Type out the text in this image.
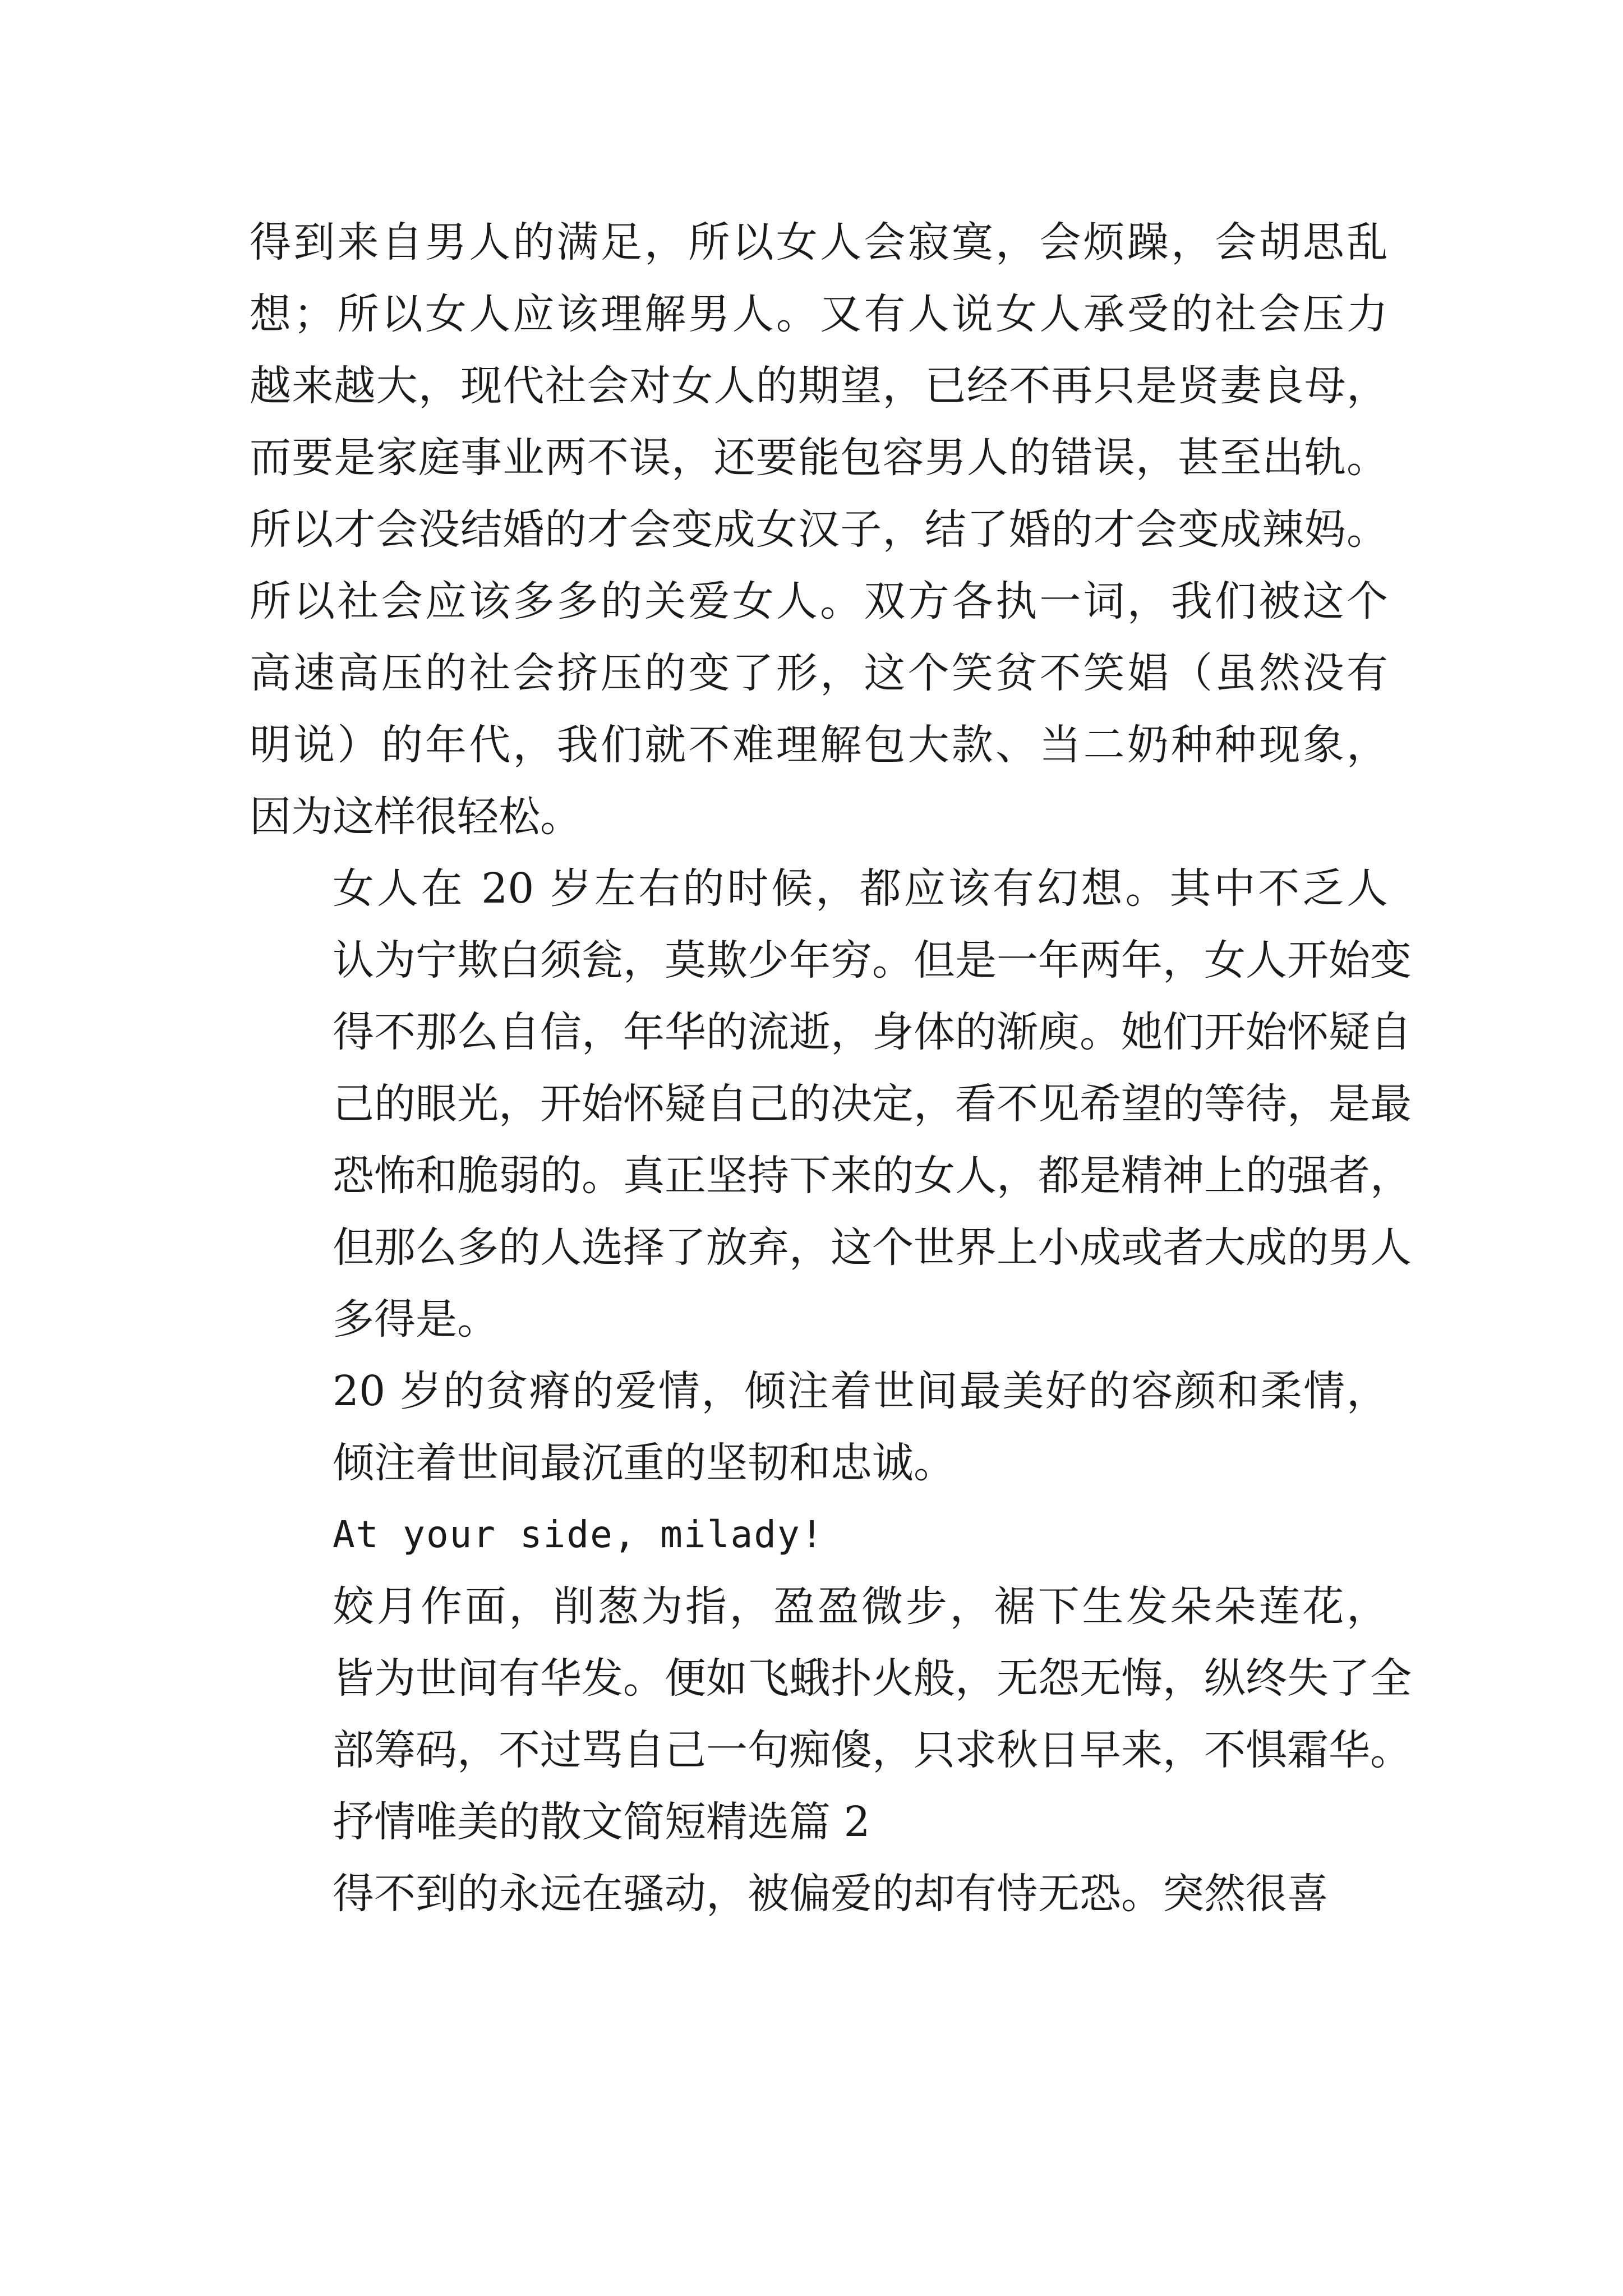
得到来自男人的满足，所以女人会寂寞，会烦躁，会胡思乱
想；所以女人应该理解男人。又有人说女人承受的社会压力
越来越大，现代社会对女人的期望，已经不再只是贤妻良母，
而要是家庭事业两不误，还要能包容男人的错误，甚至出轨。
所以才会没结婚的才会变成女汉子，结了婚的才会变成辣妈。
所以社会应该多多的关爱女人。双方各执一词，我们被这个
高速高压的社会挤压的变了形，这个笑贫不笑娼（虽然没有
明说）的年代，我们就不难理解包大款、当二奶种种现象，
因为这样很轻松。
女人在 20 岁左右的时候，都应该有幻想。其中不乏人
认为宁欺白须瓮，莫欺少年穷。但是一年两年，女人开始变
得不那么自信，年华的流逝，身体的渐庾。她们开始怀疑自
己的眼光，开始怀疑自己的决定，看不见希望的等待，是最
恐怖和脆弱的。真正坚持下来的女人，都是精神上的强者，
但那么多的人选择了放弃，这个世界上小成或者大成的男人
多得是。
20 岁的贫瘠的爱情，倾注着世间最美好的容颜和柔情，
倾注着世间最沉重的坚韧和忠诚。
At your side, milady!
姣月作面，削葱为指，盈盈微步，裾下生发朵朵莲花，
皆为世间有华发。便如飞蛾扑火般，无怨无悔，纵终失了全
部筹码，不过骂自己一句痴傻，只求秋日早来，不惧霜华。
抒情唯美的散文简短精选篇 2
得不到的永远在骚动，被偏爱的却有恃无恐。突然很喜
